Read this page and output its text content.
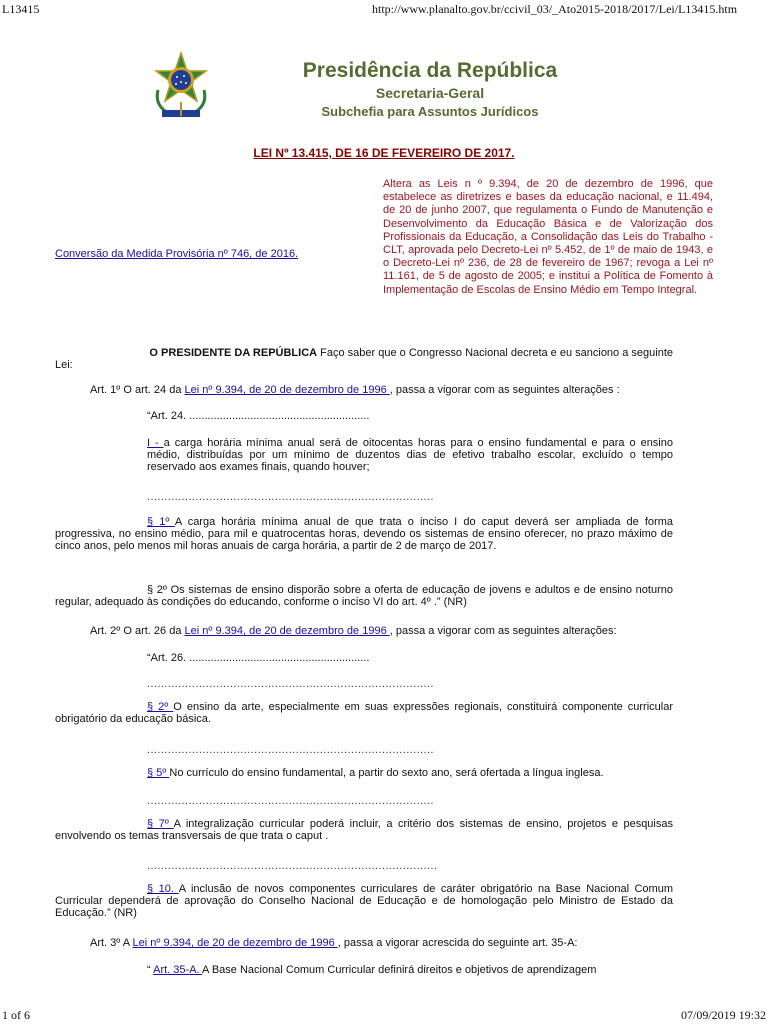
L13415	http://www.planalto.gov.br/ccivil_03/_Ato2015-2018/2017/Lei/L13415.htm
Presidência da República
Secretaria-Geral
Subchefia para Assuntos Jurídicos
LEI Nº 13.415, DE 16 DE FEVEREIRO DE 2017.
Altera as Leis n º 9.394, de 20 de dezembro de 1996, que estabelece as diretrizes e bases da educação nacional, e 11.494, de 20 de junho 2007, que regulamenta o Fundo de Manutenção e Desenvolvimento da Educação Básica e de Valorização dos Profissionais da Educação, a Consolidação das Leis do Trabalho - CLT, aprovada pelo Decreto-Lei nº 5.452, de 1º de maio de 1943, e o Decreto-Lei nº 236, de 28 de fevereiro de 1967; revoga a Lei nº 11.161, de 5 de agosto de 2005; e institui a Política de Fomento à Implementação de Escolas de Ensino Médio em Tempo Integral.
Conversão da Medida Provisória nº 746, de 2016.
O PRESIDENTE DA REPÚBLICA Faço saber que o Congresso Nacional decreta e eu sanciono a seguinte
Lei:
Art. 1º O art. 24 da Lei nº 9.394, de 20 de dezembro de 1996 , passa a vigorar com as seguintes alterações :
“Art. 24. ...........................................................
I - a carga horária mínima anual será de oitocentas horas para o ensino fundamental e para o ensino médio, distribuídas por um mínimo de duzentos dias de efetivo trabalho escolar, excluído o tempo reservado aos exames finais, quando houver;
...................................................................................
§ 1º A carga horária mínima anual de que trata o inciso I do caput deverá ser ampliada de forma progressiva, no ensino médio, para mil e quatrocentas horas, devendo os sistemas de ensino oferecer, no prazo máximo de cinco anos, pelo menos mil horas anuais de carga horária, a partir de 2 de março de 2017.
§ 2º Os sistemas de ensino disporão sobre a oferta de educação de jovens e adultos e de ensino noturno regular, adequado às condições do educando, conforme o inciso VI do art. 4º .” (NR)
Art. 2º O art. 26 da Lei nº 9.394, de 20 de dezembro de 1996 , passa a vigorar com as seguintes alterações:
“Art. 26. ...........................................................
...................................................................................
§ 2º O ensino da arte, especialmente em suas expressões regionais, constituirá componente curricular obrigatório da educação básica.
...................................................................................
§ 5º No currículo do ensino fundamental, a partir do sexto ano, será ofertada a língua inglesa.
...................................................................................
§ 7º A integralização curricular poderá incluir, a critério dos sistemas de ensino, projetos e pesquisas envolvendo os temas transversais de que trata o caput .
....................................................................................
§ 10. A inclusão de novos componentes curriculares de caráter obrigatório na Base Nacional Comum Curricular dependerá de aprovação do Conselho Nacional de Educação e de homologação pelo Ministro de Estado da Educação.” (NR)
Art. 3º A Lei nº 9.394, de 20 de dezembro de 1996 , passa a vigorar acrescida do seguinte art. 35-A:
“ Art. 35-A. A Base Nacional Comum Curricular definirá direitos e objetivos de aprendizagem
1 of 6	07/09/2019 19:32
